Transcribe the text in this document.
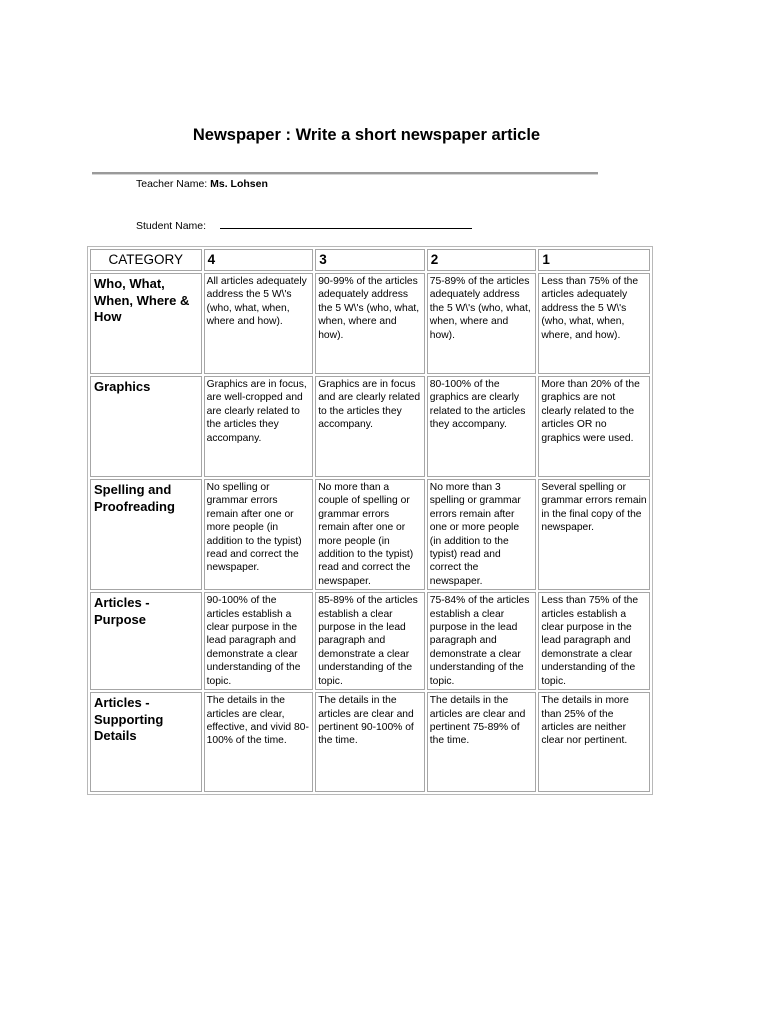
Newspaper : Write a short newspaper article
Teacher Name: Ms. Lohsen
Student Name:
CATEGORY	4	3	2	1
Who, What, When, Where & How	All articles adequately address the 5 W\'s (who, what, when, where and how).	90-99% of the articles adequately address the 5 W\'s (who, what, when, where and how).	75-89% of the articles adequately address the 5 W\'s (who, what, when, where and how).	Less than 75% of the articles adequately address the 5 W\'s (who, what, when, where, and how).
Graphics	Graphics are in focus, are well-cropped and are clearly related to the articles they accompany.	Graphics are in focus and are clearly related to the articles they accompany.	80-100% of the graphics are clearly related to the articles they accompany.	More than 20% of the graphics are not clearly related to the articles OR no graphics were used.
Spelling and Proofreading	No spelling or grammar errors remain after one or more people (in addition to the typist) read and correct the newspaper.	No more than a couple of spelling or grammar errors remain after one or more people (in addition to the typist) read and correct the newspaper.	No more than 3 spelling or grammar errors remain after one or more people (in addition to the typist) read and correct the newspaper.	Several spelling or grammar errors remain in the final copy of the newspaper.
Articles - Purpose	90-100% of the articles establish a clear purpose in the lead paragraph and demonstrate a clear understanding of the topic.	85-89% of the articles establish a clear purpose in the lead paragraph and demonstrate a clear understanding of the topic.	75-84% of the articles establish a clear purpose in the lead paragraph and demonstrate a clear understanding of the topic.	Less than 75% of the articles establish a clear purpose in the lead paragraph and demonstrate a clear understanding of the topic.
Articles - Supporting Details	The details in the articles are clear, effective, and vivid 80-100% of the time.	The details in the articles are clear and pertinent 90-100% of the time.	The details in the articles are clear and pertinent 75-89% of the time.	The details in more than 25% of the articles are neither clear nor pertinent.
